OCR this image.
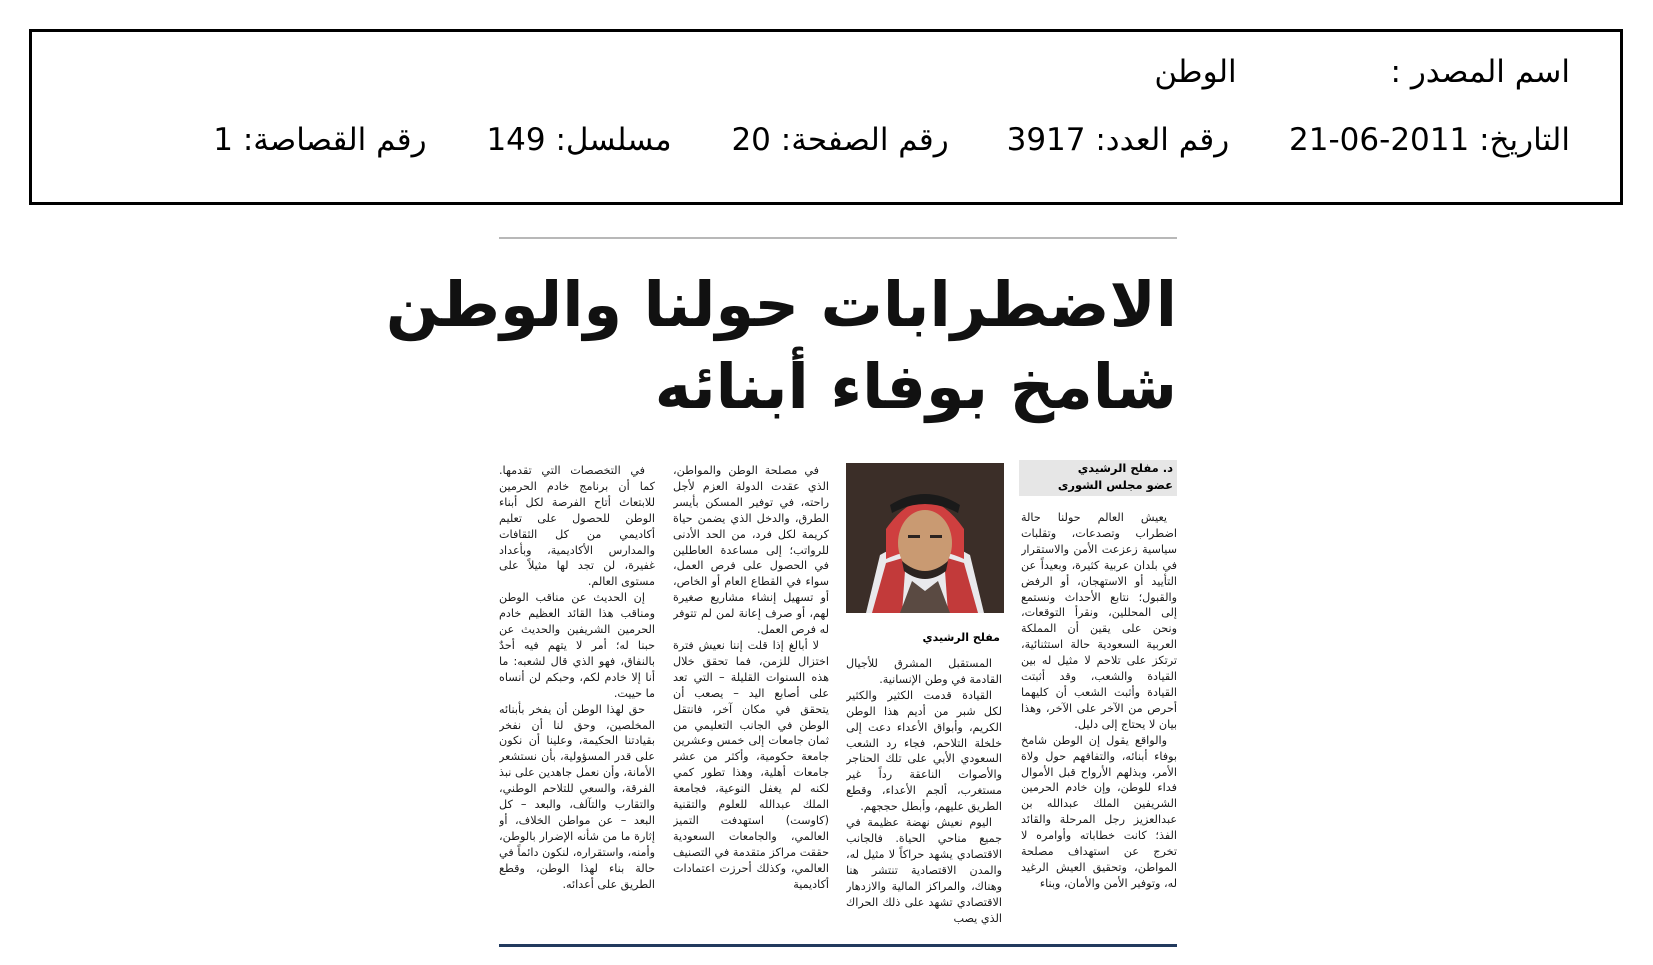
اسم المصدر : الوطن
التاريخ: 2011-06-21 رقم العدد: 3917 رقم الصفحة: 20 مسلسل: 149 رقم القصاصة: 1
الاضطرابات حولنا والوطن
شامخ بوفاء أبنائه
د. مفلح الرشيدي
عضو مجلس الشورى
مفلح الرشيدي

يعيش العالم حولنا حالة اضطراب وتصدعات، وتقلبات سياسية زعزعت الأمن والاستقرار في بلدان عربية كثيرة، وبعيداً عن التأييد أو الاستهجان، أو الرفض والقبول؛ نتابع الأحداث ونستمع إلى المحللين، ونقرأ التوقعات، ونحن على يقين أن المملكة العربية السعودية حالة استثنائية، ترتكز على تلاحم لا مثيل له بين القيادة والشعب، وقد أثبتت القيادة وأثبت الشعب أن كليهما أحرص من الآخر على الآخر، وهذا بيان لا يحتاج إلى دليل.

والواقع يقول إن الوطن شامخ بوفاء أبنائه، والتفافهم حول ولاة الأمر، وبذلهم الأرواح قبل الأموال فداء للوطن، وإن خادم الحرمين الشريفين الملك عبدالله بن عبدالعزيز رجل المرحلة والقائد الفذ؛ كانت خطاباته وأوامره لا تخرج عن استهداف مصلحة المواطن، وتحقيق العيش الرغيد له، وتوفير الأمن والأمان، وبناء

المستقبل المشرق للأجيال القادمة في وطن الإنسانية.

القيادة قدمت الكثير والكثير لكل شبر من أديم هذا الوطن الكريم، وأبواق الأعداء دعت إلى خلخلة التلاحم، فجاء رد الشعب السعودي الأبي على تلك الحناجر والأصوات الناعقة رداً غير مستغرب، ألجم الأعداء، وقطع الطريق عليهم، وأبطل حججهم.

اليوم نعيش نهضة عظيمة في جميع مناحي الحياة. فالجانب الاقتصادي يشهد حراكاً لا مثيل له، والمدن الاقتصادية تنتشر هنا وهناك، والمراكز المالية والازدهار الاقتصادي تشهد على ذلك الحراك الذي يصب

في مصلحة الوطن والمواطن، الذي عقدت الدولة العزم لأجل راحته، في توفير المسكن بأيسر الطرق، والدخل الذي يضمن حياة كريمة لكل فرد، من الحد الأدنى للرواتب؛ إلى مساعدة العاطلين في الحصول على فرص العمل، سواء في القطاع العام أو الخاص، أو تسهيل إنشاء مشاريع صغيرة لهم، أو صرف إعانة لمن لم تتوفر له فرص العمل.

لا أبالغ إذا قلت إننا نعيش فترة اختزال للزمن، فما تحقق خلال هذه السنوات القليلة – التي تعد على أصابع اليد – يصعب أن يتحقق في مكان آخر، فانتقل الوطن في الجانب التعليمي من ثمان جامعات إلى خمس وعشرين جامعة حكومية، وأكثر من عشر جامعات أهلية، وهذا تطور كمي لكنه لم يغفل النوعية، فجامعة الملك عبدالله للعلوم والتقنية (كاوست) استهدفت التميز العالمي، والجامعات السعودية حققت مراكز متقدمة في التصنيف العالمي، وكذلك أحرزت اعتمادات أكاديمية

في التخصصات التي تقدمها. كما أن برنامج خادم الحرمين للابتعاث أتاح الفرصة لكل أبناء الوطن للحصول على تعليم أكاديمي من كل الثقافات والمدارس الأكاديمية، وبأعداد غفيرة، لن تجد لها مثيلاً على مستوى العالم.

إن الحديث عن مناقب الوطن ومناقب هذا القائد العظيم خادم الحرمين الشريفين والحديث عن حبنا له؛ أمر لا يتهم فيه أحدٌ بالنفاق، فهو الذي قال لشعبه: ما أنا إلا خادم لكم، وحبكم لن أنساه ما حييت.

حق لهذا الوطن أن يفخر بأبنائه المخلصين، وحق لنا أن نفخر بقيادتنا الحكيمة، وعلينا أن نكون على قدر المسؤولية، بأن نستشعر الأمانة، وأن نعمل جاهدين على نبذ الفرقة، والسعي للتلاحم الوطني، والتقارب والتآلف، والبعد – كل البعد – عن مواطن الخلاف، أو إثارة ما من شأنه الإضرار بالوطن، وأمنه، واستقراره، لنكون دائماً في حالة بناء لهذا الوطن، وقطع الطريق على أعدائه.
